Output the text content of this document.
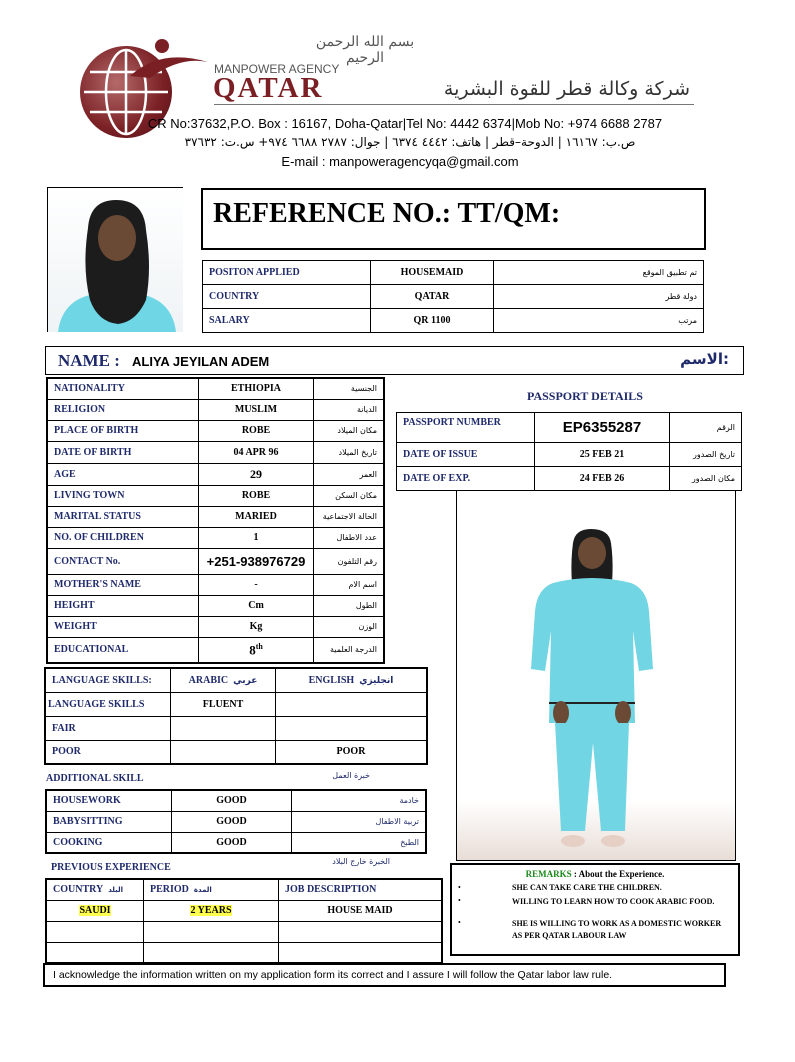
بسم الله الرحمن الرحيم
MANPOWER AGENCY
QATAR	شركة وكالة قطر للقوة البشرية
CR No:37632,P.O. Box : 16167, Doha-Qatar|Tel No: 4442 6374|Mob No: +974 6688 2787
ص.ب: ١٦١٦٧ | الدوحة–قطر | هاتف: ٤٤٤٢ ٦٣٧٤ | جوال: ٢٧٨٧ ٦٦٨٨ ٩٧٤+ س.ت: ٣٧٦٣٢
E-mail : manpoweragencyqa@gmail.com
REFERENCE NO.: TT/QM:
POSITON APPLIED	HOUSEMAID	تم تطبيق الموقع
COUNTRY	QATAR	دولة قطر
SALARY	QR 1100	مرتب
NAME : ALIYA JEYILAN ADEM	الاسم:
NATIONALITY	ETHIOPIA	الجنسية
RELIGION	MUSLIM	الديانة
PLACE OF BIRTH	ROBE	مكان الميلاد
DATE OF BIRTH	04 APR 96	تاريخ الميلاد
AGE	29	العمر
LIVING TOWN	ROBE	مكان السكن
MARITAL STATUS	MARIED	الحالة الاجتماعية
NO. OF CHILDREN	1	عدد الاطفال
CONTACT No.	+251-938976729	رقم التلفون
MOTHER'S NAME	-	اسم الام
HEIGHT	Cm	الطول
WEIGHT	Kg	الوزن
EDUCATIONAL	8th	الدرجة العلمية
PASSPORT DETAILS
PASSPORT NUMBER	EP6355287	الرقم
DATE OF ISSUE	25 FEB 21	تاريخ الصدور
DATE OF EXP.	24 FEB 26	مكان الصدور
LANGUAGE SKILLS:	ARABIC عربي	ENGLISH انجليزي
LANGUAGE SKILLS	FLUENT	
FAIR		
POOR		POOR
ADDITIONAL SKILL	خبرة العمل
HOUSEWORK	GOOD	خادمة
BABYSITTING	GOOD	تربية الاطفال
COOKING	GOOD	الطبخ
PREVIOUS EXPERIENCE
الخبرة خارج البلاد
COUNTRY البلد	PERIOD المدة	JOB DESCRIPTION
SAUDI	2 YEARS	HOUSE MAID

REMARKS : About the Experience.
•	SHE CAN TAKE CARE THE CHILDREN.
•	WILLING TO LEARN HOW TO COOK ARABIC FOOD.
•	SHE IS WILLING TO WORK AS A DOMESTIC WORKER AS PER QATAR LABOUR LAW
I acknowledge the information written on my application form its correct and I assure I will follow the Qatar labor law rule.
